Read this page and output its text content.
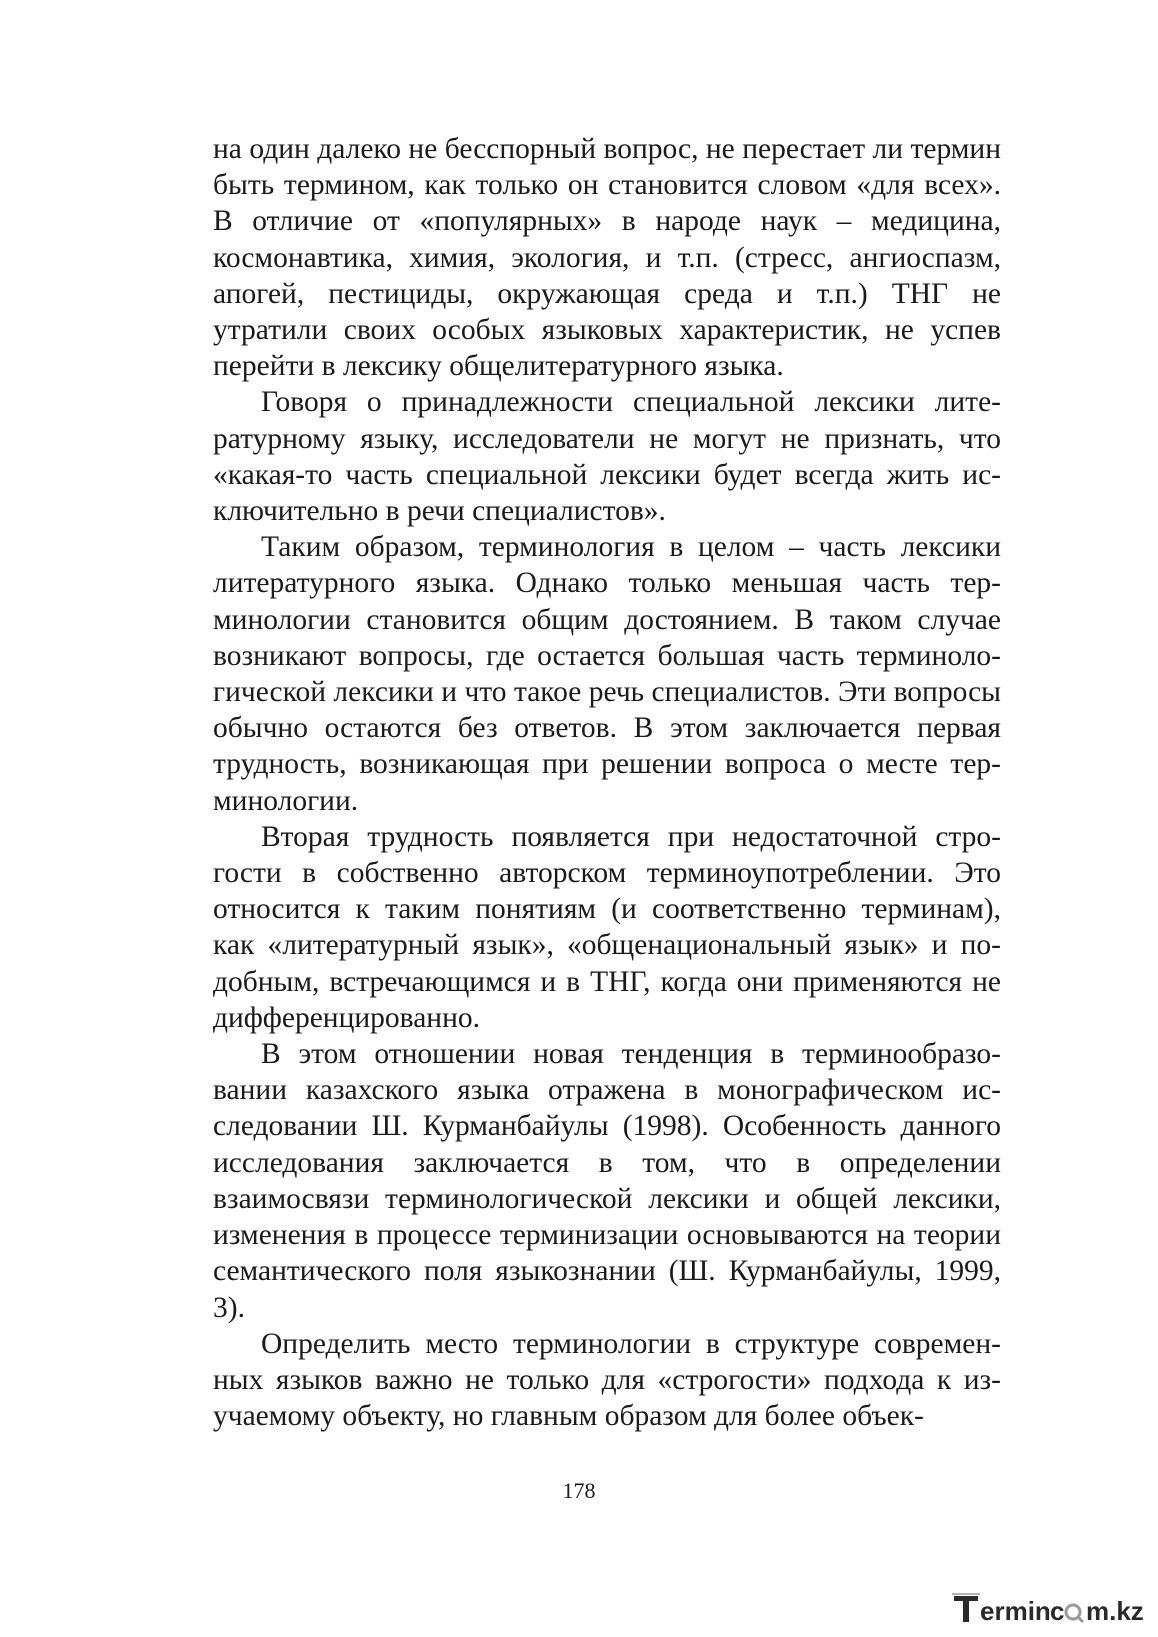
на один далеко не бесспорный вопрос, не перестает ли термин быть термином, как только он становится словом «для всех». В отличие от «популярных» в народе наук – медицина, космонавтика, химия, экология, и т.п. (стресс, ангиоспазм, апогей, пестициды, окружающая среда и т.п.) ТНГ не утратили своих особых языковых характеристик, не успев перейти в лексику общелитературного языка.

Говоря о принадлежности специальной лексики литературному языку, исследователи не могут не признать, что «какая-то часть специальной лексики будет всегда жить исключительно в речи специалистов».

Таким образом, терминология в целом – часть лексики литературного языка. Однако только меньшая часть терминологии становится общим достоянием. В таком случае возникают вопросы, где остается большая часть терминологической лексики и что такое речь специалистов. Эти вопросы обычно остаются без ответов. В этом заключается первая трудность, возникающая при решении вопроса о месте терминологии.

Вторая трудность появляется при недостаточной строгости в собственно авторском терминоупотреблении. Это относится к таким понятиям (и соответственно терминам), как «литературный язык», «общенациональный язык» и подобным, встречающимся и в ТНГ, когда они применяются не дифференцированно.

В этом отношении новая тенденция в терминообразовании казахского языка отражена в монографическом исследовании Ш. Курманбайулы (1998). Особенность данного исследования заключается в том, что в определении взаимосвязи терминологической лексики и общей лексики, изменения в процессе терминизации основываются на теории семантического поля языкознании (Ш. Курманбайулы, 1999, 3).

Определить место терминологии в структуре современных языков важно не только для «строгости» подхода к изучаемому объекту, но главным образом для более объек-

178
ermin c m.kz
